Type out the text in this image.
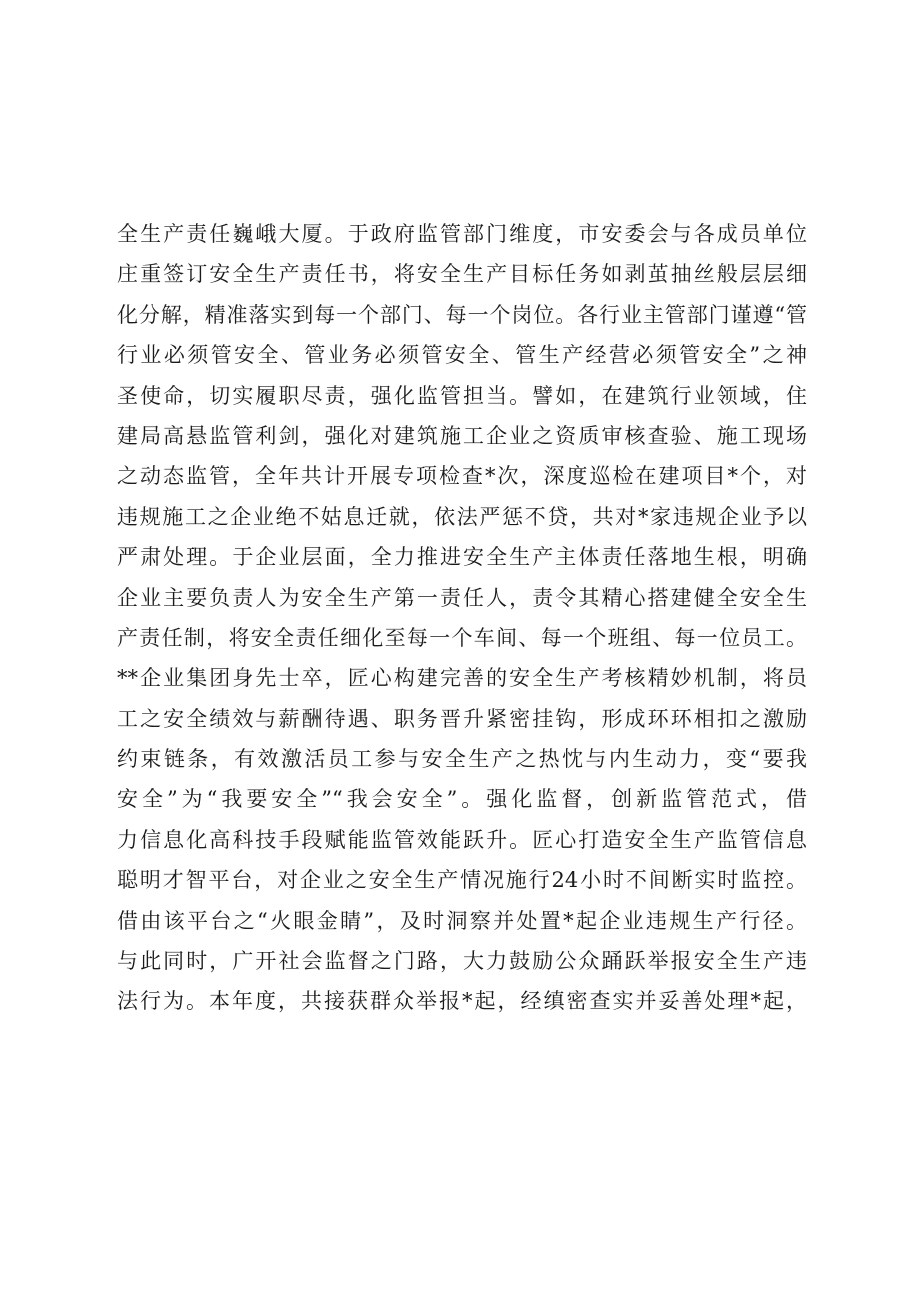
全生产责任巍峨大厦。于政府监管部门维度，市安委会与各成员单位
庄重签订安全生产责任书，将安全生产目标任务如剥茧抽丝般层层细
化分解，精准落实到每一个部门、每一个岗位。各行业主管部门谨遵“管
行业必须管安全、管业务必须管安全、管生产经营必须管安全”之神
圣使命，切实履职尽责，强化监管担当。譬如，在建筑行业领域，住
建局高悬监管利剑，强化对建筑施工企业之资质审核查验、施工现场
之动态监管，全年共计开展专项检查*次，深度巡检在建项目*个，对
违规施工之企业绝不姑息迁就，依法严惩不贷，共对*家违规企业予以
严肃处理。于企业层面，全力推进安全生产主体责任落地生根，明确
企业主要负责人为安全生产第一责任人，责令其精心搭建健全安全生
产责任制，将安全责任细化至每一个车间、每一个班组、每一位员工。
**企业集团身先士卒，匠心构建完善的安全生产考核精妙机制，将员
工之安全绩效与薪酬待遇、职务晋升紧密挂钩，形成环环相扣之激励
约束链条，有效激活员工参与安全生产之热忱与内生动力，变“要我
安全”为“我要安全”“我会安全”。强化监督，创新监管范式，借
力信息化高科技手段赋能监管效能跃升。匠心打造安全生产监管信息
聪明才智平台，对企业之安全生产情况施行24小时不间断实时监控。
借由该平台之“火眼金睛”，及时洞察并处置*起企业违规生产行径。
与此同时，广开社会监督之门路，大力鼓励公众踊跃举报安全生产违
法行为。本年度，共接获群众举报*起，经缜密查实并妥善处理*起，
